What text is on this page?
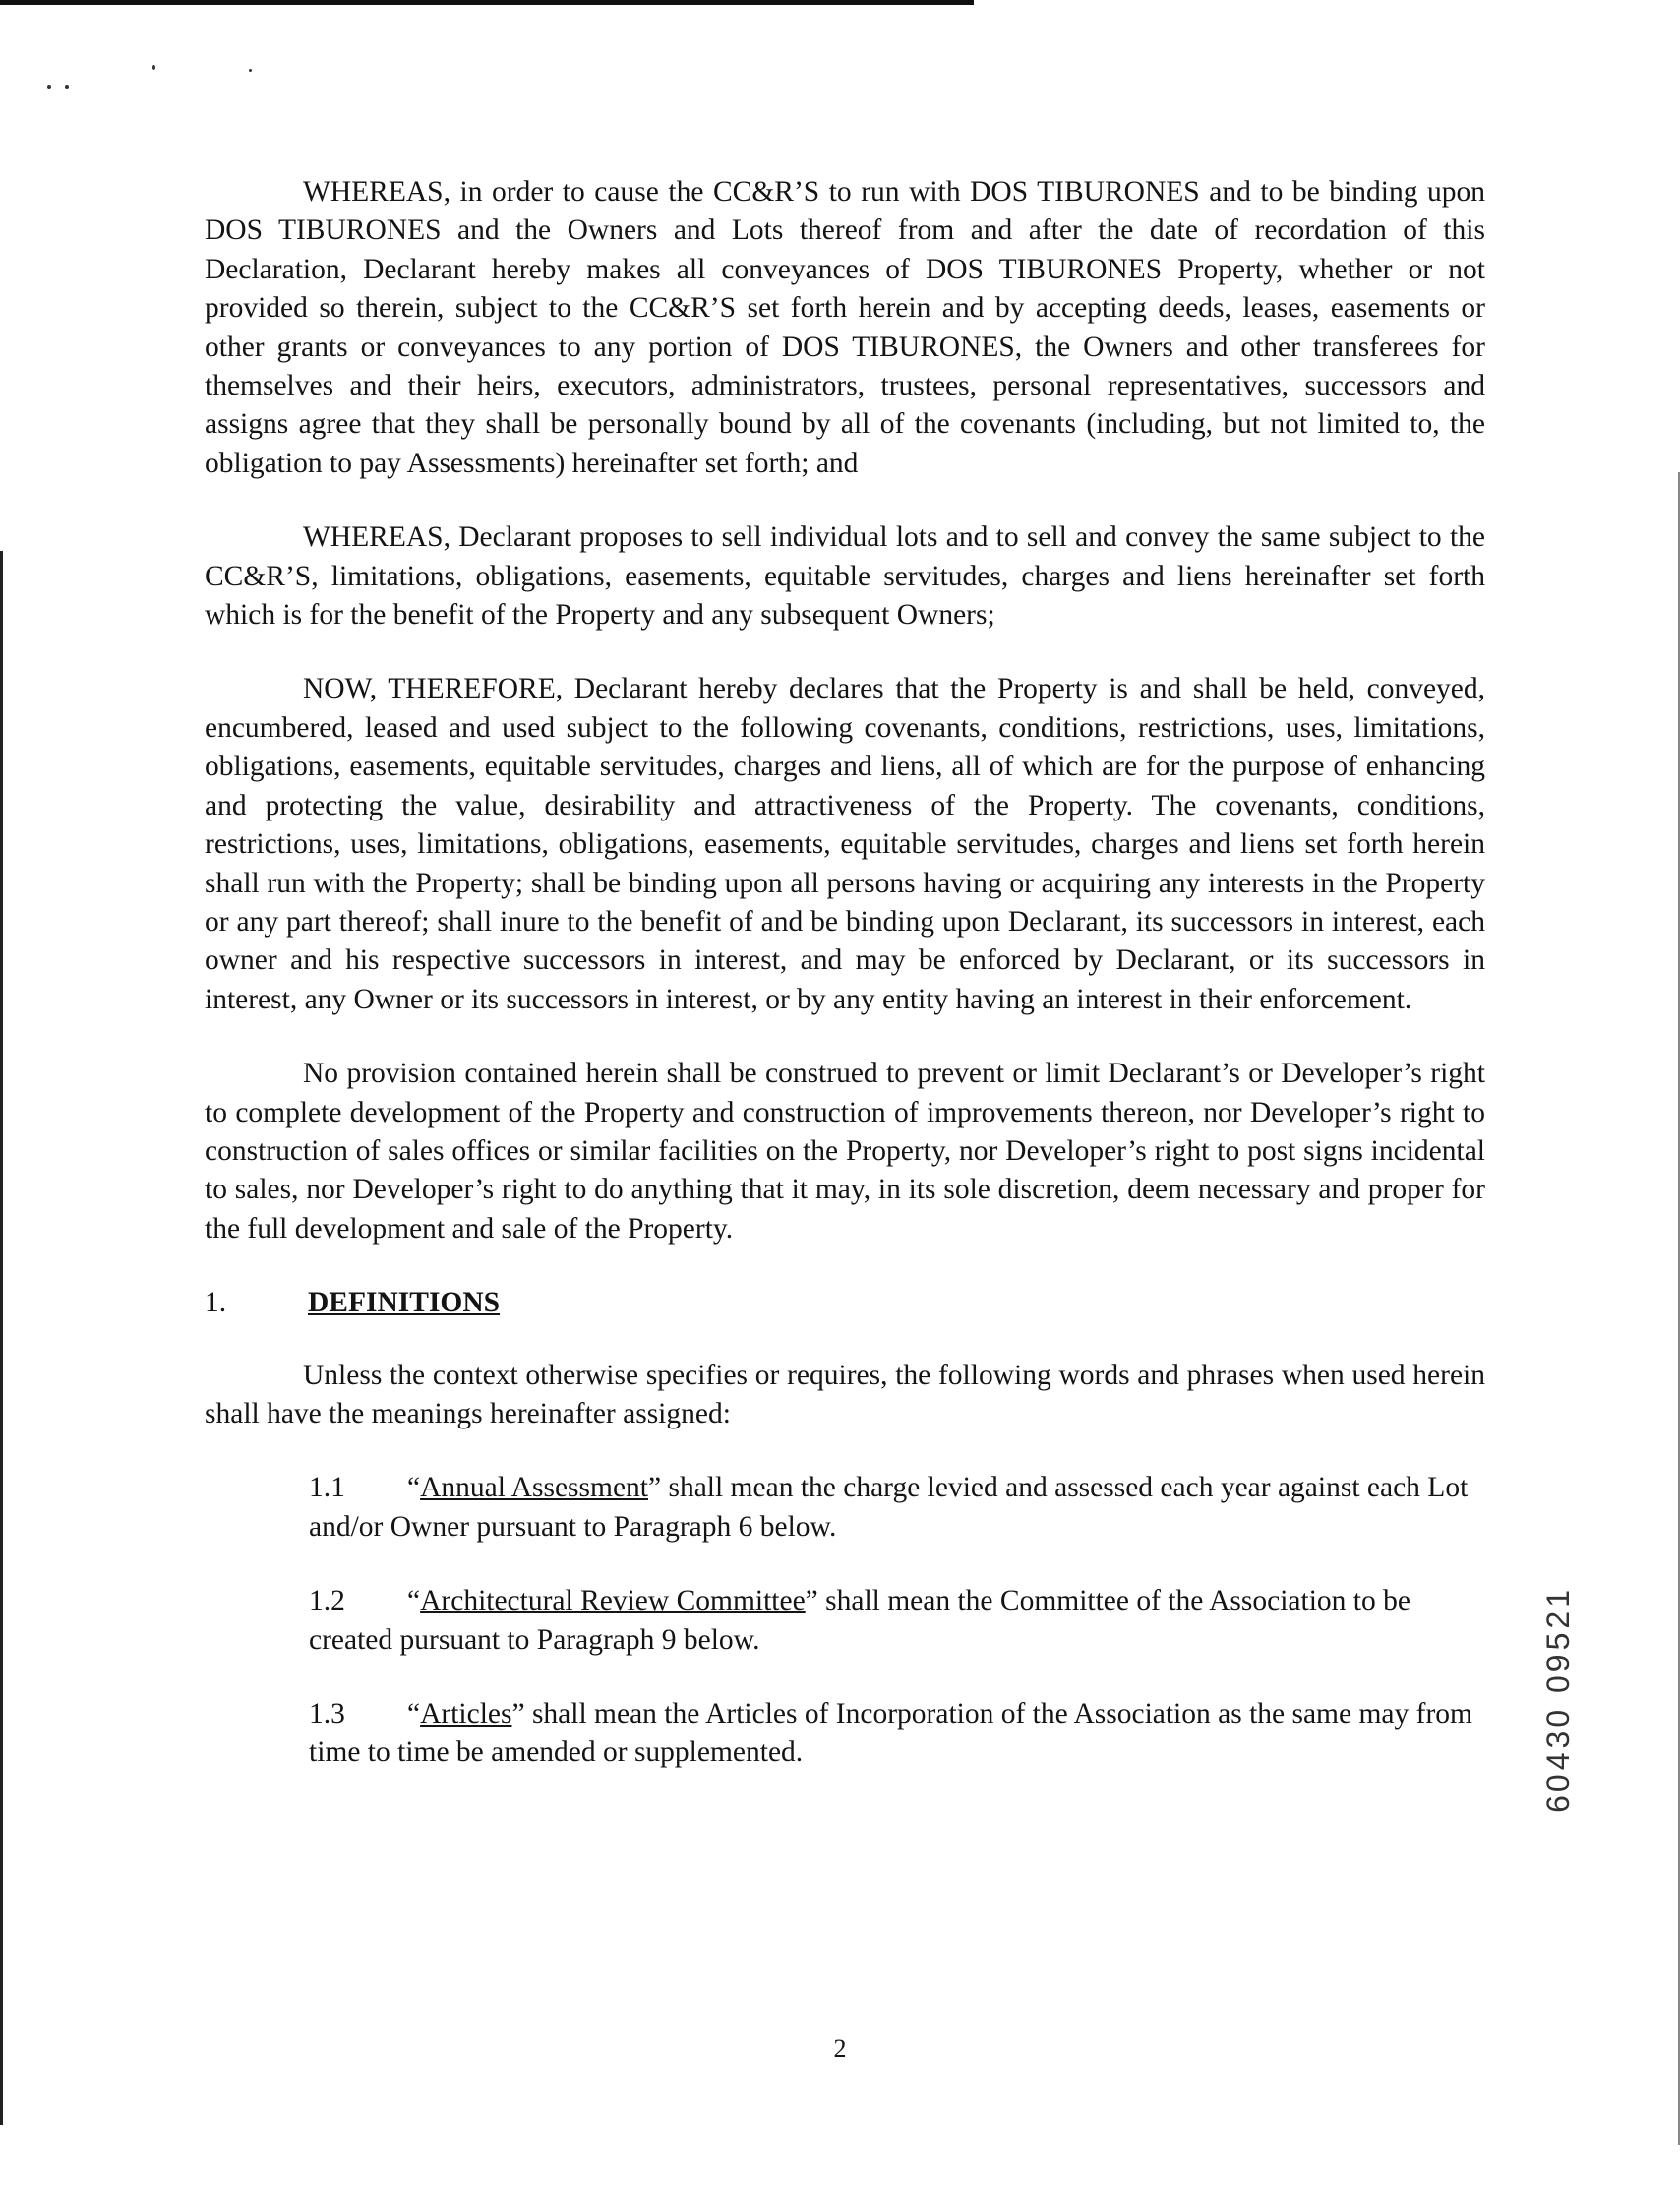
WHEREAS, in order to cause the CC&R’S to run with DOS TIBURONES and to be binding upon DOS TIBURONES and the Owners and Lots thereof from and after the date of recordation of this Declaration, Declarant hereby makes all conveyances of DOS TIBURONES Property, whether or not provided so therein, subject to the CC&R’S set forth herein and by accepting deeds, leases, easements or other grants or conveyances to any portion of DOS TIBURONES, the Owners and other transferees for themselves and their heirs, executors, administrators, trustees, personal representatives, successors and assigns agree that they shall be personally bound by all of the covenants (including, but not limited to, the obligation to pay Assessments) hereinafter set forth; and

WHEREAS, Declarant proposes to sell individual lots and to sell and convey the same subject to the CC&R’S, limitations, obligations, easements, equitable servitudes, charges and liens hereinafter set forth which is for the benefit of the Property and any subsequent Owners;

NOW, THEREFORE, Declarant hereby declares that the Property is and shall be held, conveyed, encumbered, leased and used subject to the following covenants, conditions, restrictions, uses, limitations, obligations, easements, equitable servitudes, charges and liens, all of which are for the purpose of enhancing and protecting the value, desirability and attractiveness of the Property. The covenants, conditions, restrictions, uses, limitations, obligations, easements, equitable servitudes, charges and liens set forth herein shall run with the Property; shall be binding upon all persons having or acquiring any interests in the Property or any part thereof; shall inure to the benefit of and be binding upon Declarant, its successors in interest, each owner and his respective successors in interest, and may be enforced by Declarant, or its successors in interest, any Owner or its successors in interest, or by any entity having an interest in their enforcement.

No provision contained herein shall be construed to prevent or limit Declarant’s or Developer’s right to complete development of the Property and construction of improvements thereon, nor Developer’s right to construction of sales offices or similar facilities on the Property, nor Developer’s right to post signs incidental to sales, nor Developer’s right to do anything that it may, in its sole discretion, deem necessary and proper for the full development and sale of the Property.

1.	DEFINITIONS

Unless the context otherwise specifies or requires, the following words and phrases when used herein shall have the meanings hereinafter assigned:

1.1 “Annual Assessment” shall mean the charge levied and assessed each year against each Lot and/or Owner pursuant to Paragraph 6 below.
1.2 “Architectural Review Committee” shall mean the Committee of the Association to be created pursuant to Paragraph 9 below.
1.3 “Articles” shall mean the Articles of Incorporation of the Association as the same may from time to time be amended or supplemented.	60430 09521
2
